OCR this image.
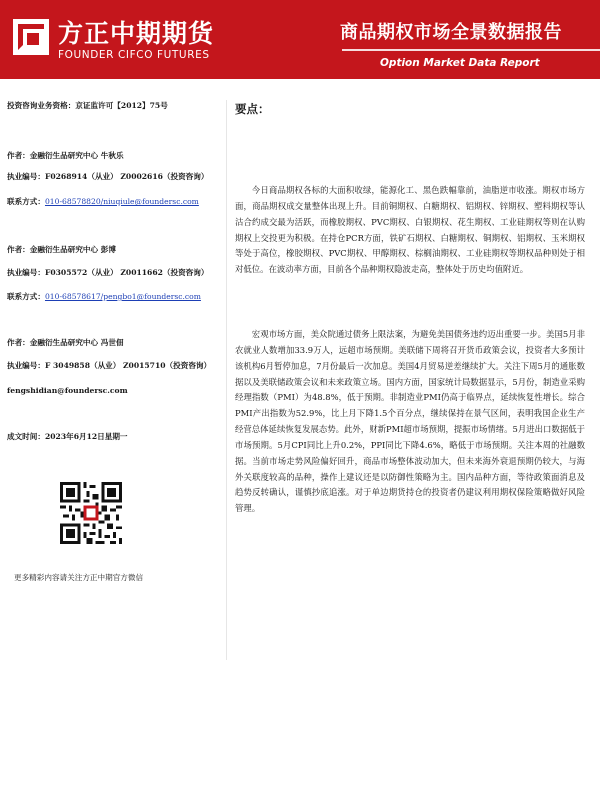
方正中期期货
FOUNDER CIFCO FUTURES
商品期权市场全景数据报告
Option Market Data Report
投资咨询业务资格：京证监许可【2012】75号
作者：金融衍生品研究中心 牛秋乐
执业编号：F0268914（从业） Z0002616（投资咨询）
联系方式：010-68578820/niuqiule@foundersc.com
作者：金融衍生品研究中心 彭博
执业编号：F0305572（从业） Z0011662（投资咨询）
联系方式：010-68578617/pengbo1@foundersc.com
作者：金融衍生品研究中心 冯世佃
执业编号：F 3049858（从业） Z0015710（投资咨询）
fengshidian@foundersc.com
成文时间：2023年6月12日星期一
更多精彩内容请关注方正中期官方微信
要点：

今日商品期权各标的大面积收绿，能源化工、黑色跌幅靠前，油脂逆市收涨。期权市场方面，商品期权成交量整体出现上升。目前铜期权、白糖期权、铝期权、锌期权、塑料期权等认沽合约成交最为活跃，而橡胶期权、PVC期权、白银期权、花生期权、工业硅期权等则在认购期权上交投更为积极。在持仓PCR方面，铁矿石期权、白糖期权、铜期权、铝期权、玉米期权等处于高位，橡胶期权、PVC期权、甲醇期权、棕榈油期权、工业硅期权等期权品种则处于相对低位。在波动率方面，目前各个品种期权隐波走高，整体处于历史均值附近。

宏观市场方面，美众院通过债务上限法案，为避免美国债务违约迈出重要一步。美国5月非农就业人数增加33.9万人，远超市场预期。美联储下周将召开货币政策会议，投资者大多预计该机构6月暂停加息，7月份最后一次加息。美国4月贸易逆差继续扩大。关注下周5月的通胀数据以及美联储政策会议和未来政策立场。国内方面，国家统计局数据显示，5月份，制造业采购经理指数（PMI）为48.8%，低于预期。非制造业PMI仍高于临界点，延续恢复性增长。综合PMI产出指数为52.9%，比上月下降1.5个百分点，继续保持在景气区间，表明我国企业生产经营总体延续恢复发展态势。此外，财新PMI超市场预期，提振市场情绪。5月进出口数据低于市场预期。5月CPI同比上升0.2%，PPI同比下降4.6%，略低于市场预期。关注本周的社融数据。当前市场走势风险偏好回升，商品市场整体波动加大，但未来海外衰退预期仍较大，与海外关联度较高的品种，操作上建议还是以防御性策略为主。国内品种方面，等待政策面消息及趋势反转确认，谨慎抄底追涨。对于单边期货持仓的投资者仍建议利用期权保险策略做好风险管理。
